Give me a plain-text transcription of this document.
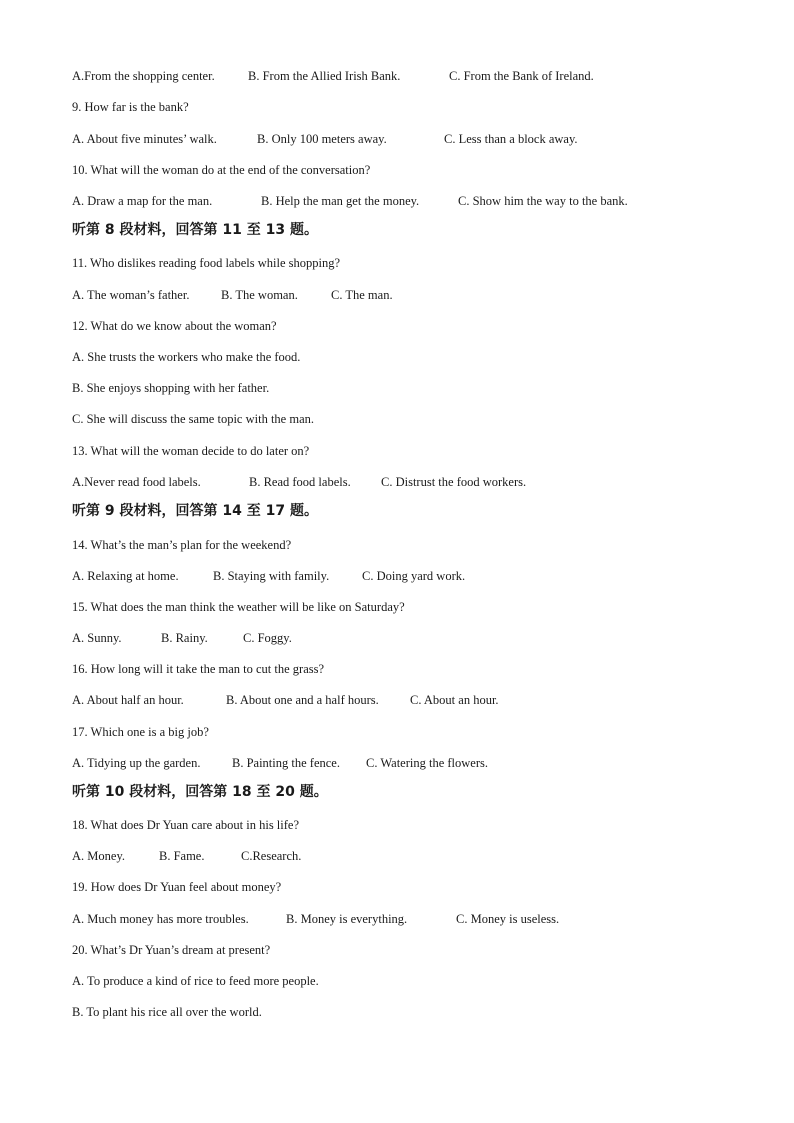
A.From the shopping center.	B. From the Allied Irish Bank.	C. From the Bank of Ireland.
9. How far is the bank?
A. About five minutes’ walk.	B. Only 100 meters away.	C. Less than a block away.
10. What will the woman do at the end of the conversation?
A. Draw a map for the man.	B. Help the man get the money.	C. Show him the way to the bank.
听第 8 段材料，回答第 11 至 13 题。
11. Who dislikes reading food labels while shopping?
A. The woman’s father.	B. The woman.	C. The man.
12. What do we know about the woman?
A. She trusts the workers who make the food.
B. She enjoys shopping with her father.
C. She will discuss the same topic with the man.
13. What will the woman decide to do later on?
A.Never read food labels.	B. Read food labels. C. Distrust the food workers.
听第 9 段材料，回答第 14 至 17 题。
14. What’s the man’s plan for the weekend?
A. Relaxing at home.	B. Staying with family.	C. Doing yard work.
15. What does the man think the weather will be like on Saturday?
A. Sunny.	B. Rainy.	C. Foggy.
16. How long will it take the man to cut the grass?
A. About half an hour.	B. About one and a half hours. C. About an hour.
17. Which one is a big job?
A. Tidying up the garden.	B. Painting the fence. C. Watering the flowers.
听第 10 段材料，回答第 18 至 20 题。
18. What does Dr Yuan care about in his life?
A. Money.	B. Fame.	C.Research.
19. How does Dr Yuan feel about money?
A. Much money has more troubles.	B. Money is everything.	C. Money is useless.
20. What’s Dr Yuan’s dream at present?
A. To produce a kind of rice to feed more people.
B. To plant his rice all over the world.
